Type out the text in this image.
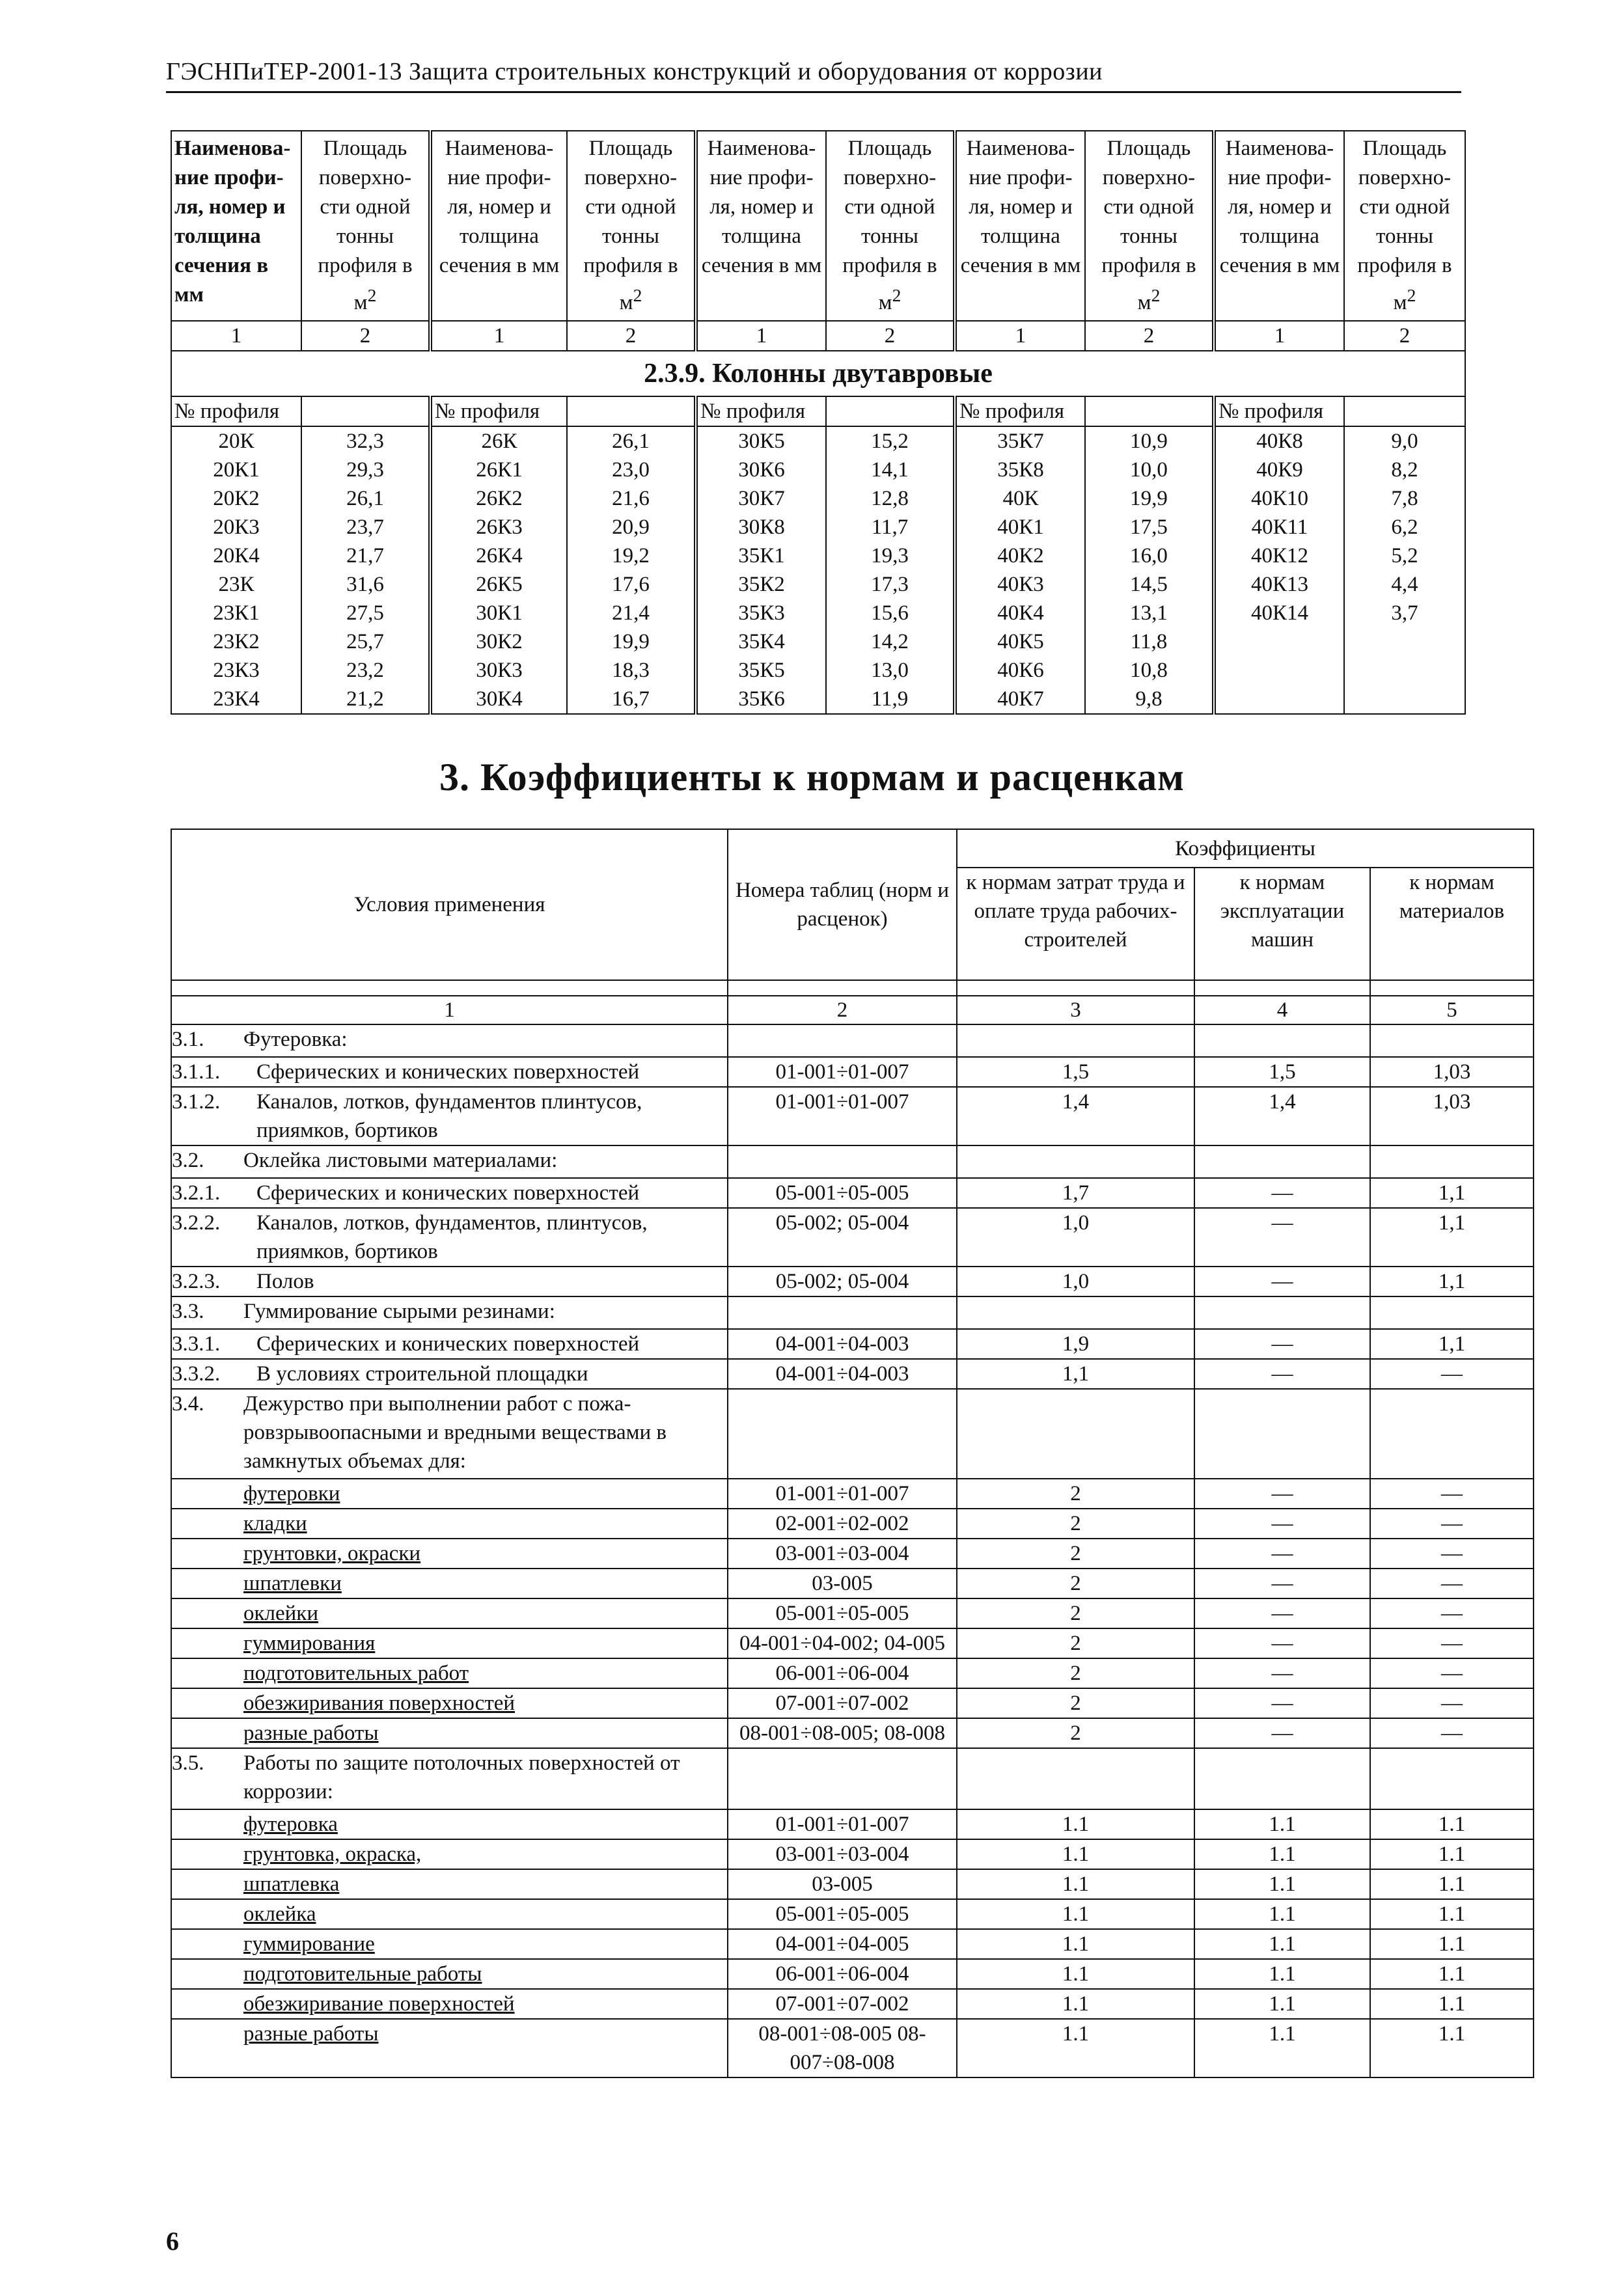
ГЭСНПиТЕР-2001-13 Защита строительных конструкций и оборудования от коррозии
Наименова-ние профи-ля, номер и толщина сечения в мм	Площадь поверхно-сти одной тонны профиля в $м^2$	Наименова-ние профи-ля, номер и толщина сечения в мм	Площадь поверхно-сти одной тонны профиля в $м^2$	Наименова-ние профи-ля, номер и толщина сечения в мм	Площадь поверхно-сти одной тонны профиля в $м^2$	Наименова-ние профи-ля, номер и толщина сечения в мм	Площадь поверхно-сти одной тонны профиля в $м^2$	Наименова-ние профи-ля, номер и толщина сечения в мм	Площадь поверхно-сти одной тонны профиля в $м^2$
1	2	1	2	1	2	1	2	1	2
2.3.9. Колонны двутавровые									
№ профиля		№ профиля		№ профиля		№ профиля		№ профиля	
20К	32,3	26К	26,1	30К5	15,2	35К7	10,9	40К8	9,0
20К1	29,3	26К1	23,0	30К6	14,1	35К8	10,0	40К9	8,2
20К2	26,1	26К2	21,6	30К7	12,8	40К	19,9	40К10	7,8
20К3	23,7	26К3	20,9	30К8	11,7	40К1	17,5	40К11	6,2
20К4	21,7	26К4	19,2	35К1	19,3	40К2	16,0	40К12	5,2
23К	31,6	26К5	17,6	35К2	17,3	40К3	14,5	40К13	4,4
23К1	27,5	30К1	21,4	35К3	15,6	40К4	13,1	40К14	3,7
23К2	25,7	30К2	19,9	35К4	14,2	40К5	11,8		
23К3	23,2	30К3	18,3	35К5	13,0	40К6	10,8		
23К4	21,2	30К4	16,7	35К6	11,9	40К7	9,8		
3. Коэффициенты к нормам и расценкам
Условия применения	Номера таблиц (норм и расценок)	Коэффициенты		
		к нормам затрат труда и оплате труда рабочих-строителей	к нормам эксплуатации машин	к нормам материалов

1	2	3	4	5
3.1. Футеровка:				
3.1.1. Сферических и конических поверхностей	01-001÷01-007	1,5	1,5	1,03
3.1.2. Каналов, лотков, фундаментов плинтусов, приямков, бортиков	01-001÷01-007	1,4	1,4	1,03
3.2. Оклейка листовыми материалами:				
3.2.1. Сферических и конических поверхностей	05-001÷05-005	1,7	—	1,1
3.2.2. Каналов, лотков, фундаментов, плинтусов, приямков, бортиков	05-002; 05-004	1,0	—	1,1
3.2.3. Полов	05-002; 05-004	1,0	—	1,1
3.3. Гуммирование сырыми резинами:				
3.3.1. Сферических и конических поверхностей	04-001÷04-003	1,9	—	1,1
3.3.2. В условиях строительной площадки	04-001÷04-003	1,1	—	—
3.4. Дежурство при выполнении работ с пожа-ровзрывоопасными и вредными веществами в замкнутых объемах для:				
футеровки	01-001÷01-007	2	—	—
кладки	02-001÷02-002	2	—	—
грунтовки, окраски	03-001÷03-004	2	—	—
шпатлевки	03-005	2	—	—
оклейки	05-001÷05-005	2	—	—
гуммирования	04-001÷04-002; 04-005	2	—	—
подготовительных работ	06-001÷06-004	2	—	—
обезжиривания поверхностей	07-001÷07-002	2	—	—
разные работы	08-001÷08-005; 08-008	2	—	—
3.5. Работы по защите потолочных поверхностей от коррозии:				
футеровка	01-001÷01-007	1.1	1.1	1.1
грунтовка, окраска,	03-001÷03-004	1.1	1.1	1.1
шпатлевка	03-005	1.1	1.1	1.1
оклейка	05-001÷05-005	1.1	1.1	1.1
гуммирование	04-001÷04-005	1.1	1.1	1.1
подготовительные работы	06-001÷06-004	1.1	1.1	1.1
обезжиривание поверхностей	07-001÷07-002	1.1	1.1	1.1
разные работы	08-001÷08-005 08-007÷08-008	1.1	1.1	1.1
6
